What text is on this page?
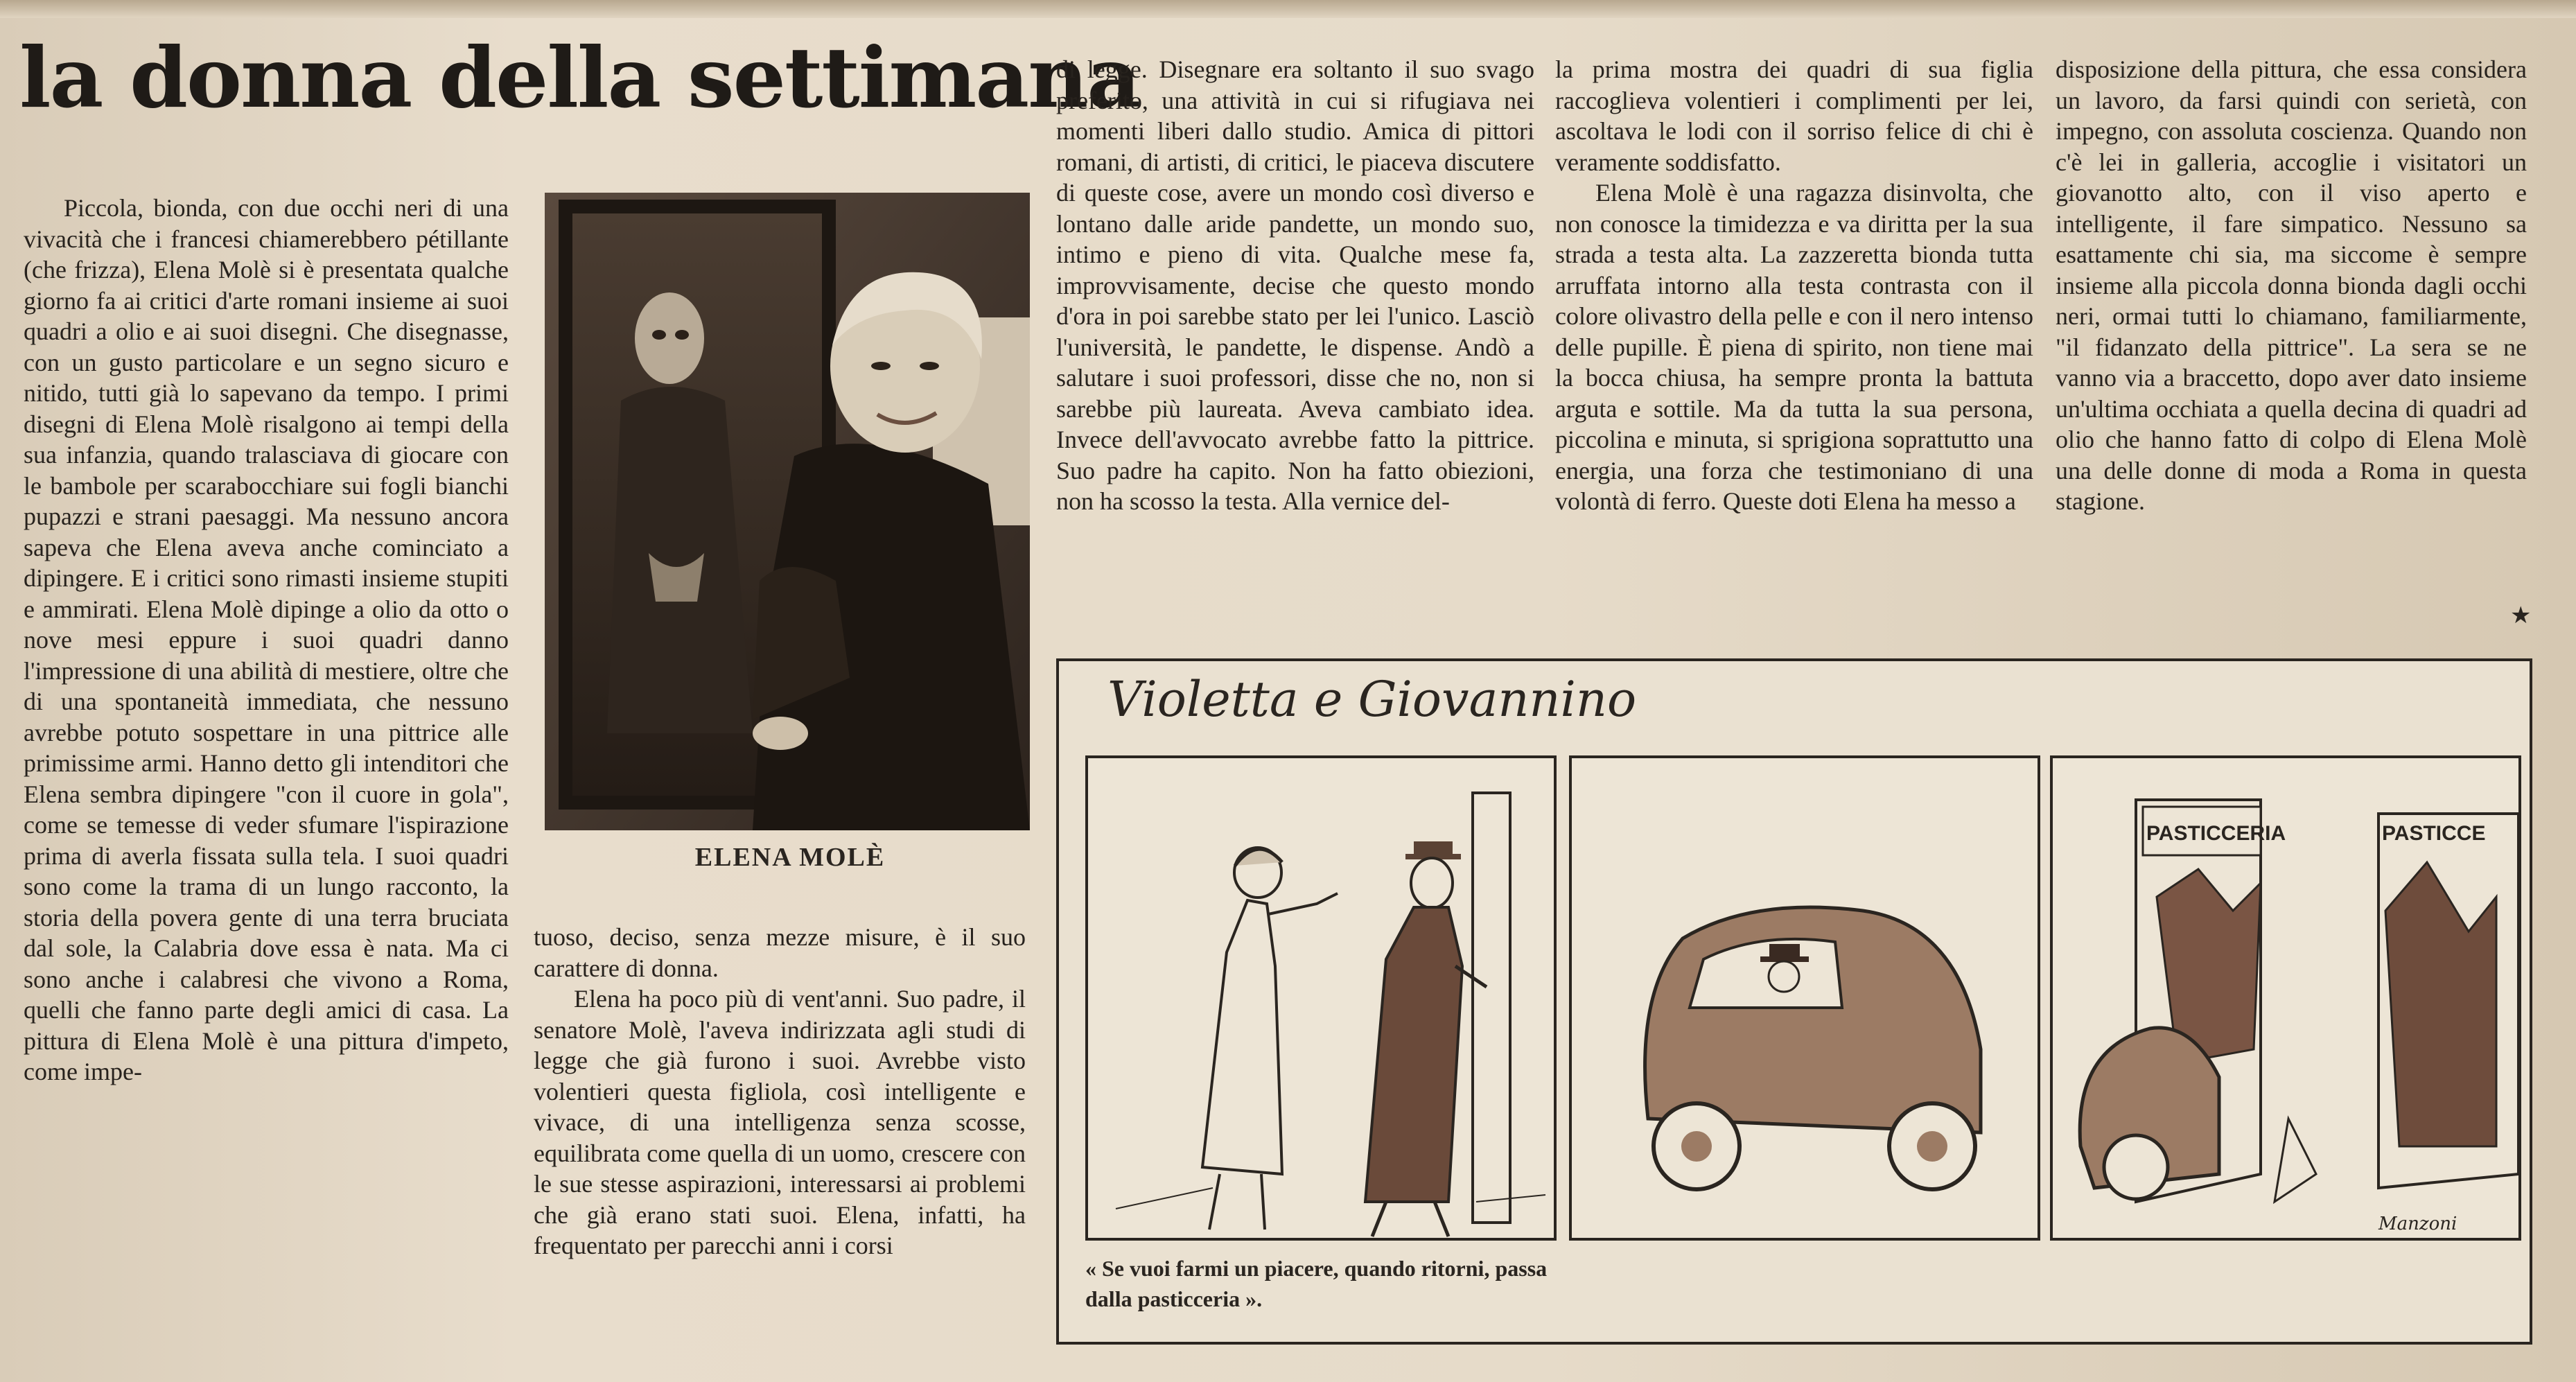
la donna della settimana

Piccola, bionda, con due occhi neri di una vivacità che i francesi chiamerebbero pétillante (che frizza), Elena Molè si è presentata qualche giorno fa ai critici d'arte romani insieme ai suoi quadri a olio e ai suoi disegni. Che disegnasse, con un gusto particolare e un segno sicuro e nitido, tutti già lo sapevano da tempo. I primi disegni di Elena Molè risalgono ai tempi della sua infanzia, quando tralasciava di giocare con le bambole per scarabocchiare sui fogli bianchi pupazzi e strani paesaggi. Ma nessuno ancora sapeva che Elena aveva anche cominciato a dipingere. E i critici sono rimasti insieme stupiti e ammirati. Elena Molè dipinge a olio da otto o nove mesi eppure i suoi quadri danno l'impressione di una abilità di mestiere, oltre che di una spontaneità immediata, che nessuno avrebbe potuto sospettare in una pittrice alle primissime armi. Hanno detto gli intenditori che Elena sembra dipingere "con il cuore in gola", come se temesse di veder sfumare l'ispirazione prima di averla fissata sulla tela. I suoi quadri sono come la trama di un lungo racconto, la storia della povera gente di una terra bruciata dal sole, la Calabria dove essa è nata. Ma ci sono anche i calabresi che vivono a Roma, quelli che fanno parte degli amici di casa. La pittura di Elena Molè è una pittura d'impeto, come impe-

ELENA MOLÈ

tuoso, deciso, senza mezze misure, è il suo carattere di donna.

Elena ha poco più di vent'anni. Suo padre, il senatore Molè, l'aveva indirizzata agli studi di legge che già furono i suoi. Avrebbe visto volentieri questa figliola, così intelligente e vivace, di una intelligenza senza scosse, equilibrata come quella di un uomo, crescere con le sue stesse aspirazioni, interessarsi ai problemi che già erano stati suoi. Elena, infatti, ha frequentato per parecchi anni i corsi

di legge. Disegnare era soltanto il suo svago preferito, una attività in cui si rifugiava nei momenti liberi dallo studio. Amica di pittori romani, di artisti, di critici, le piaceva discutere di queste cose, avere un mondo così diverso e lontano dalle aride pandette, un mondo suo, intimo e pieno di vita. Qualche mese fa, improvvisamente, decise che questo mondo d'ora in poi sarebbe stato per lei l'unico. Lasciò l'università, le pandette, le dispense. Andò a salutare i suoi professori, disse che no, non si sarebbe più laureata. Aveva cambiato idea. Invece dell'avvocato avrebbe fatto la pittrice. Suo padre ha capito. Non ha fatto obiezioni, non ha scosso la testa. Alla vernice del-

la prima mostra dei quadri di sua figlia raccoglieva volentieri i complimenti per lei, ascoltava le lodi con il sorriso felice di chi è veramente soddisfatto.

Elena Molè è una ragazza disinvolta, che non conosce la timidezza e va diritta per la sua strada a testa alta. La zazzeretta bionda tutta arruffata intorno alla testa contrasta con il colore olivastro della pelle e con il nero intenso delle pupille. È piena di spirito, non tiene mai la bocca chiusa, ha sempre pronta la battuta arguta e sottile. Ma da tutta la sua persona, piccolina e minuta, si sprigiona soprattutto una energia, una forza che testimoniano di una volontà di ferro. Queste doti Elena ha messo a

disposizione della pittura, che essa considera un lavoro, da farsi quindi con serietà, con impegno, con assoluta coscienza. Quando non c'è lei in galleria, accoglie i visitatori un giovanotto alto, con il viso aperto e intelligente, il fare simpatico. Nessuno sa esattamente chi sia, ma siccome è sempre insieme alla piccola donna bionda dagli occhi neri, ormai tutti lo chiamano, familiarmente, "il fidanzato della pittrice". La sera se ne vanno via a braccetto, dopo aver dato insieme un'ultima occhiata a quella decina di quadri ad olio che hanno fatto di colpo di Elena Molè una delle donne di moda a Roma in questa stagione.

★
Violetta e Giovannino
PASTICCERIA	PASTICCE
Manzoni
« Se vuoi farmi un piacere, quando ritorni, passa dalla pasticceria ».
